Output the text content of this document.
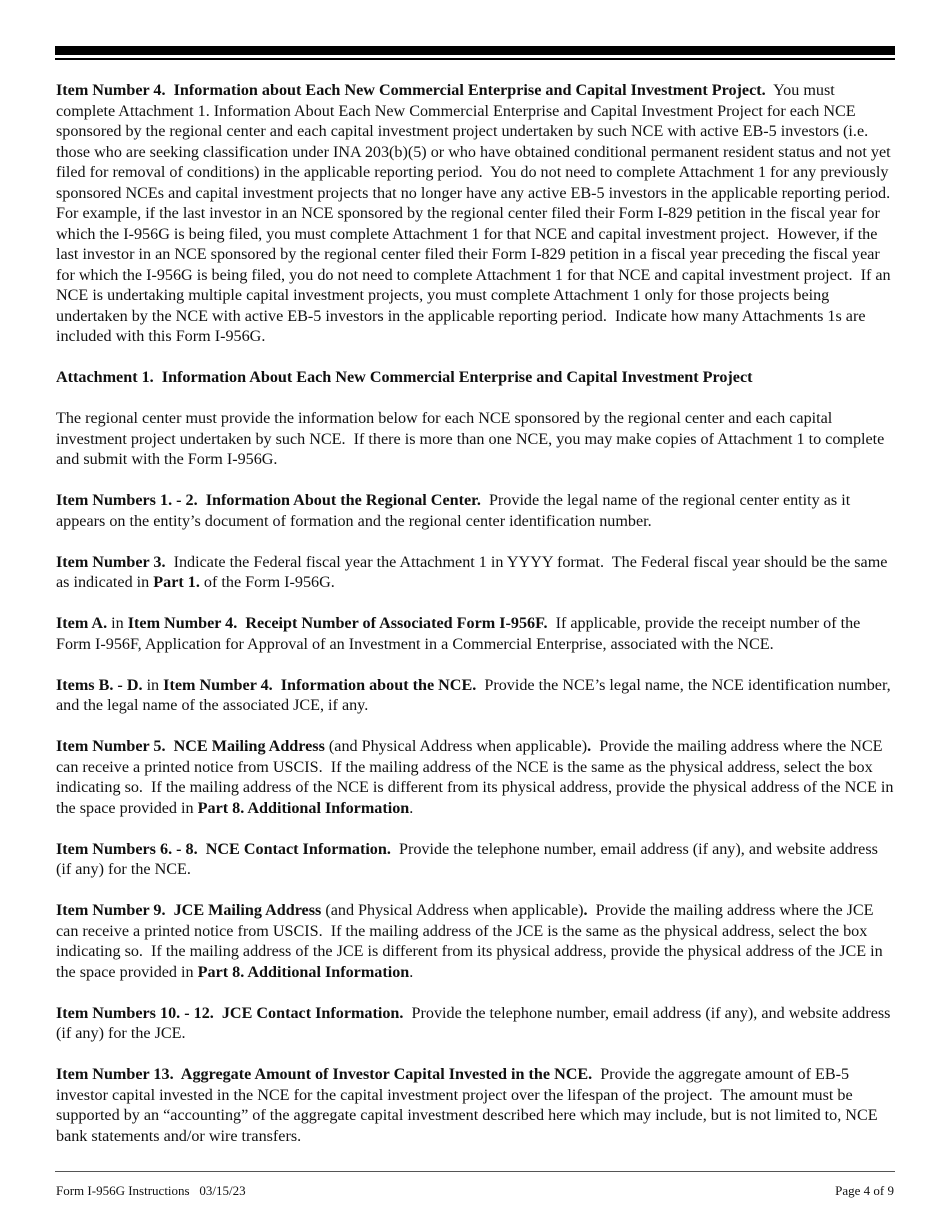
Item Number 4.  Information about Each New Commercial Enterprise and Capital Investment Project.  You must complete Attachment 1. Information About Each New Commercial Enterprise and Capital Investment Project for each NCE sponsored by the regional center and each capital investment project undertaken by such NCE with active EB-5 investors (i.e. those who are seeking classification under INA 203(b)(5) or who have obtained conditional permanent resident status and not yet filed for removal of conditions) in the applicable reporting period.  You do not need to complete Attachment 1 for any previously sponsored NCEs and capital investment projects that no longer have any active EB-5 investors in the applicable reporting period.  For example, if the last investor in an NCE sponsored by the regional center filed their Form I-829 petition in the fiscal year for which the I-956G is being filed, you must complete Attachment 1 for that NCE and capital investment project.  However, if the last investor in an NCE sponsored by the regional center filed their Form I-829 petition in a fiscal year preceding the fiscal year for which the I-956G is being filed, you do not need to complete Attachment 1 for that NCE and capital investment project.  If an NCE is undertaking multiple capital investment projects, you must complete Attachment 1 only for those projects being undertaken by the NCE with active EB-5 investors in the applicable reporting period.  Indicate how many Attachments 1s are included with this Form I-956G.

Attachment 1.  Information About Each New Commercial Enterprise and Capital Investment Project

The regional center must provide the information below for each NCE sponsored by the regional center and each capital investment project undertaken by such NCE.  If there is more than one NCE, you may make copies of Attachment 1 to complete and submit with the Form I-956G.

Item Numbers 1. - 2.  Information About the Regional Center.  Provide the legal name of the regional center entity as it appears on the entity’s document of formation and the regional center identification number.

Item Number 3.  Indicate the Federal fiscal year the Attachment 1 in YYYY format.  The Federal fiscal year should be the same as indicated in Part 1. of the Form I-956G.

Item A. in Item Number 4.  Receipt Number of Associated Form I-956F.  If applicable, provide the receipt number of the Form I-956F, Application for Approval of an Investment in a Commercial Enterprise, associated with the NCE.

Items B. - D. in Item Number 4.  Information about the NCE.  Provide the NCE’s legal name, the NCE identification number, and the legal name of the associated JCE, if any.

Item Number 5.  NCE Mailing Address (and Physical Address when applicable).  Provide the mailing address where the NCE can receive a printed notice from USCIS.  If the mailing address of the NCE is the same as the physical address, select the box indicating so.  If the mailing address of the NCE is different from its physical address, provide the physical address of the NCE in the space provided in Part 8. Additional Information.

Item Numbers 6. - 8.  NCE Contact Information.  Provide the telephone number, email address (if any), and website address (if any) for the NCE.

Item Number 9.  JCE Mailing Address (and Physical Address when applicable).  Provide the mailing address where the JCE can receive a printed notice from USCIS.  If the mailing address of the JCE is the same as the physical address, select the box indicating so.  If the mailing address of the JCE is different from its physical address, provide the physical address of the JCE in the space provided in Part 8. Additional Information.

Item Numbers 10. - 12.  JCE Contact Information.  Provide the telephone number, email address (if any), and website address (if any) for the JCE.

Item Number 13.  Aggregate Amount of Investor Capital Invested in the NCE.  Provide the aggregate amount of EB-5 investor capital invested in the NCE for the capital investment project over the lifespan of the project.  The amount must be supported by an “accounting” of the aggregate capital investment described here which may include, but is not limited to, NCE bank statements and/or wire transfers.

Form I-956G Instructions   03/15/23	Page 4 of 9
